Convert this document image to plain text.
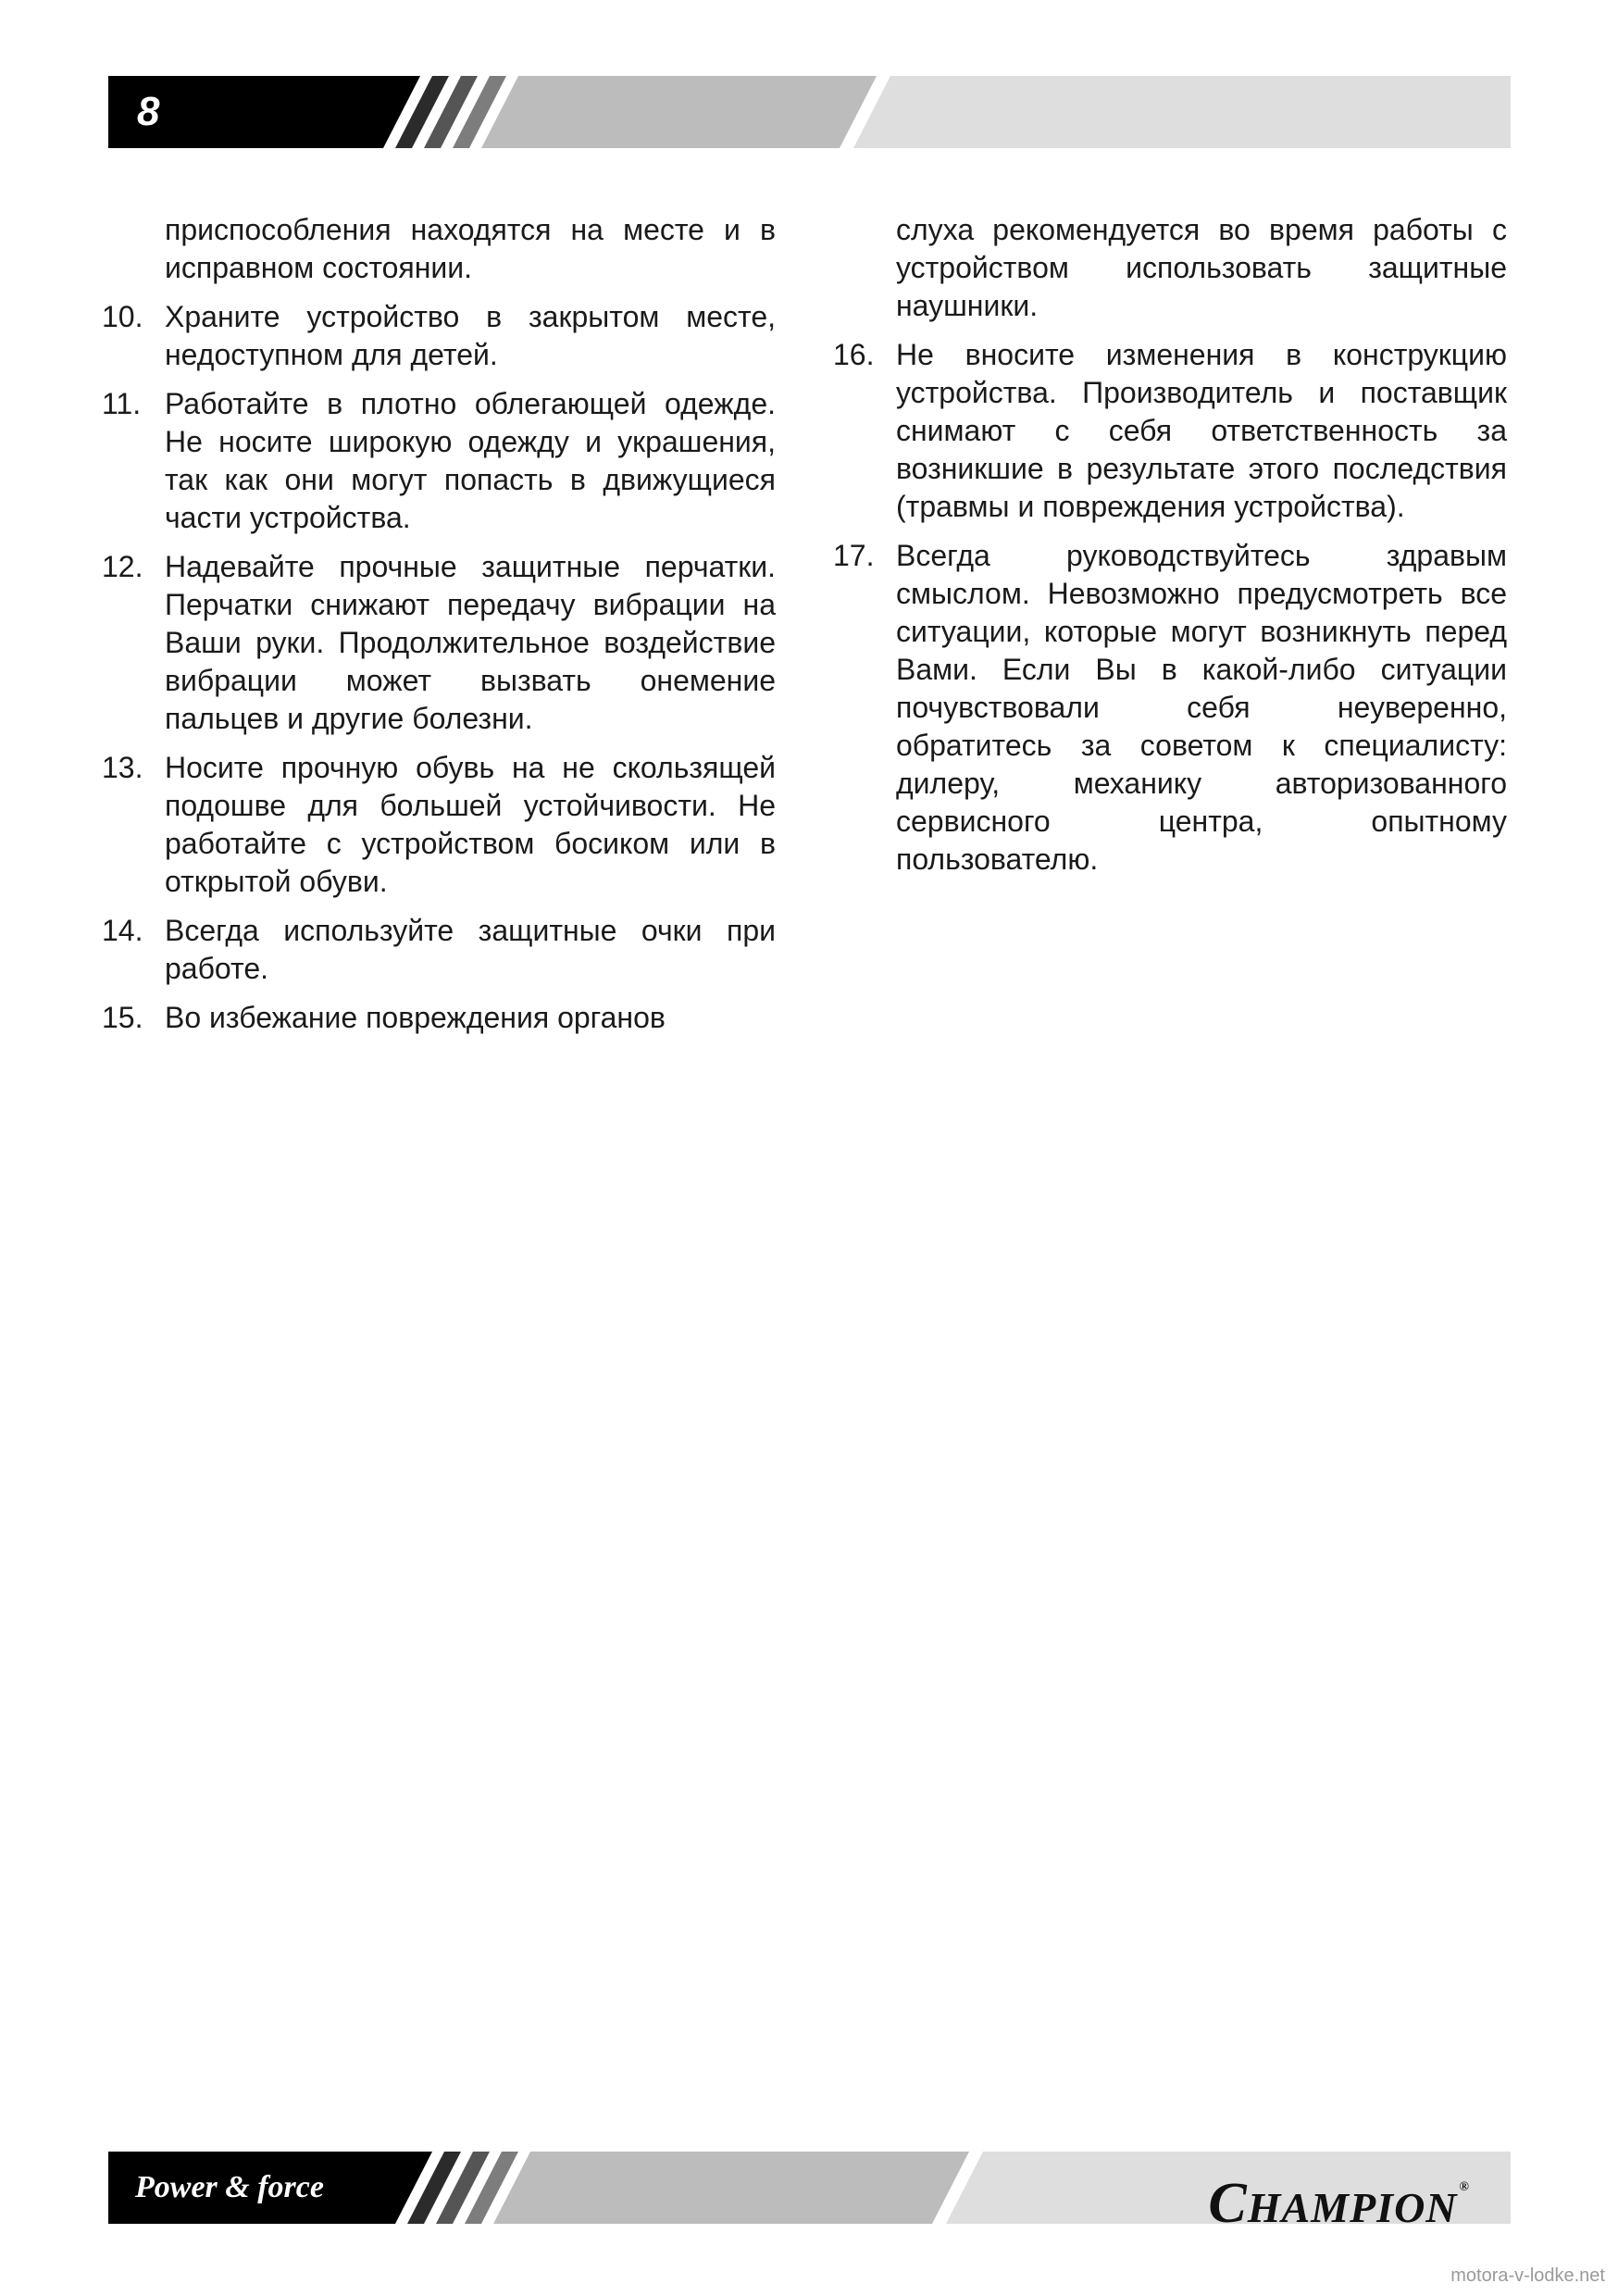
8

приспособления находятся на месте и в исправном состоянии.

10. Храните устройство в закрытом месте, недоступном для детей.

11. Работайте в плотно облегающей одежде. Не носите широкую одежду и украшения, так как они могут попасть в движущиеся части устройства.

12. Надевайте прочные защитные перчатки. Перчатки снижают передачу вибрации на Ваши руки. Продолжительное воздействие вибрации может вызвать онемение пальцев и другие болезни.

13. Носите прочную обувь на не скользящей подошве для большей устойчивости. Не работайте с устройством босиком или в открытой обуви.

14. Всегда используйте защитные очки при работе.

15. Во избежание повреждения органов

слуха рекомендуется во время работы с устройством использовать защитные наушники.

16. Не вносите изменения в конструкцию устройства. Производитель и поставщик снимают с себя ответственность за возникшие в результате этого последствия (травмы и повреждения устройства).

17. Всегда руководствуйтесь здравым смыслом. Невозможно предусмотреть все ситуации, которые могут возникнуть перед Вами. Если Вы в какой-либо ситуации почувствовали себя неуверенно, обратитесь за советом к специалисту: дилеру, механику авторизованного сервисного центра, опытному пользователю.

Power & force	CHAMPION ®
motora-v-lodke.net
